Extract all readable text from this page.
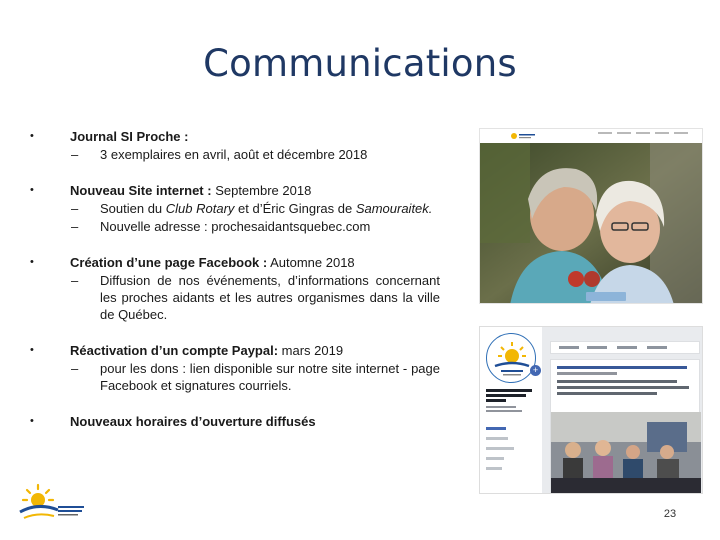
Communications
•	Journal SI Proche :
– 3 exemplaires en avril, août et décembre 2018
•	Nouveau Site internet : Septembre 2018
– Soutien du Club Rotary et d’Éric Gingras de Samouraitek.
– Nouvelle adresse : prochesaidantsquebec.com
•	Création d’une page Facebook : Automne 2018
– Diffusion de nos événements, d’informations concernant les proches aidants et les autres organismes dans la ville de Québec.
•	Réactivation d’un compte Paypal: mars 2019
– pour les dons : lien disponible sur notre site internet - page Facebook et signatures courriels.
•	Nouveaux horaires d’ouverture diffusés
+
23
